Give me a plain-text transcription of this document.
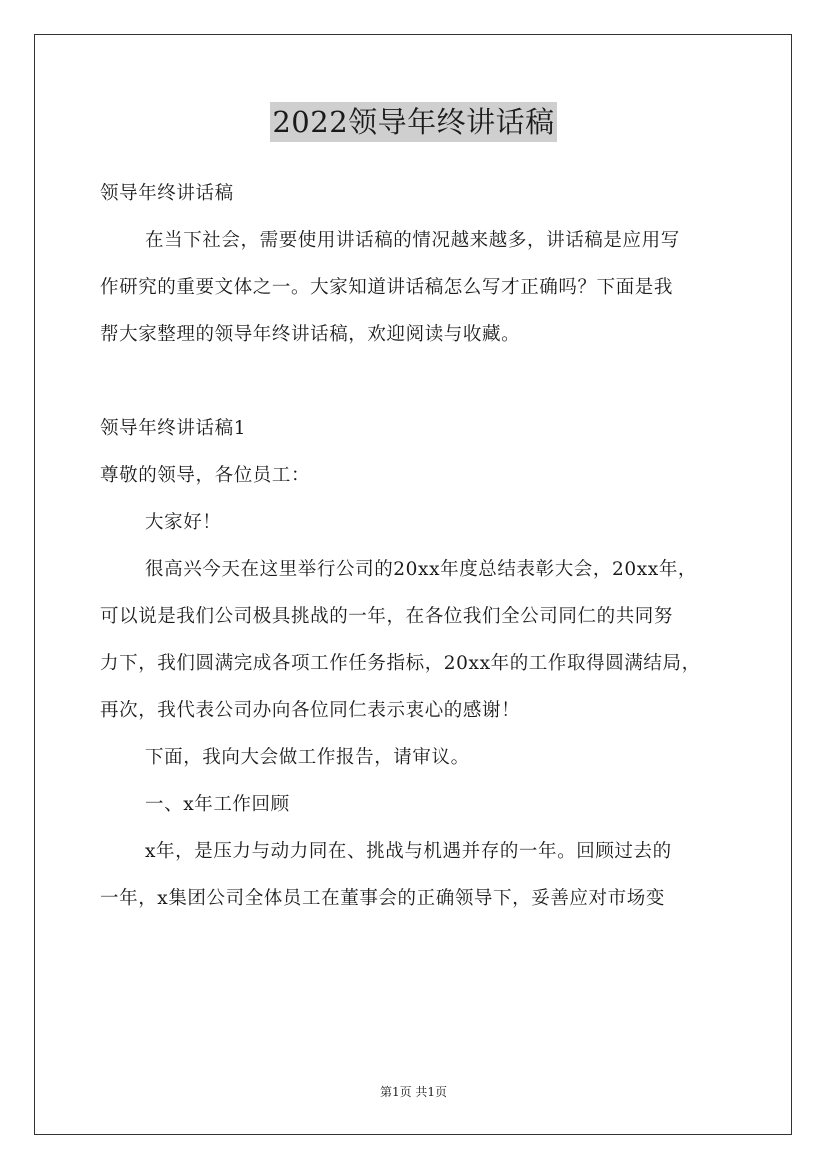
2022领导年终讲话稿
领导年终讲话稿
在当下社会，需要使用讲话稿的情况越来越多，讲话稿是应用写
作研究的重要文体之一。大家知道讲话稿怎么写才正确吗？下面是我
帮大家整理的领导年终讲话稿，欢迎阅读与收藏。
领导年终讲话稿1
尊敬的领导，各位员工：
大家好！
很高兴今天在这里举行公司的20xx年度总结表彰大会，20xx年，
可以说是我们公司极具挑战的一年，在各位我们全公司同仁的共同努
力下，我们圆满完成各项工作任务指标，20xx年的工作取得圆满结局，
再次，我代表公司办向各位同仁表示衷心的感谢！
下面，我向大会做工作报告，请审议。
一、x年工作回顾
x年，是压力与动力同在、挑战与机遇并存的一年。回顾过去的
一年，x集团公司全体员工在董事会的正确领导下，妥善应对市场变
第1页 共1页
